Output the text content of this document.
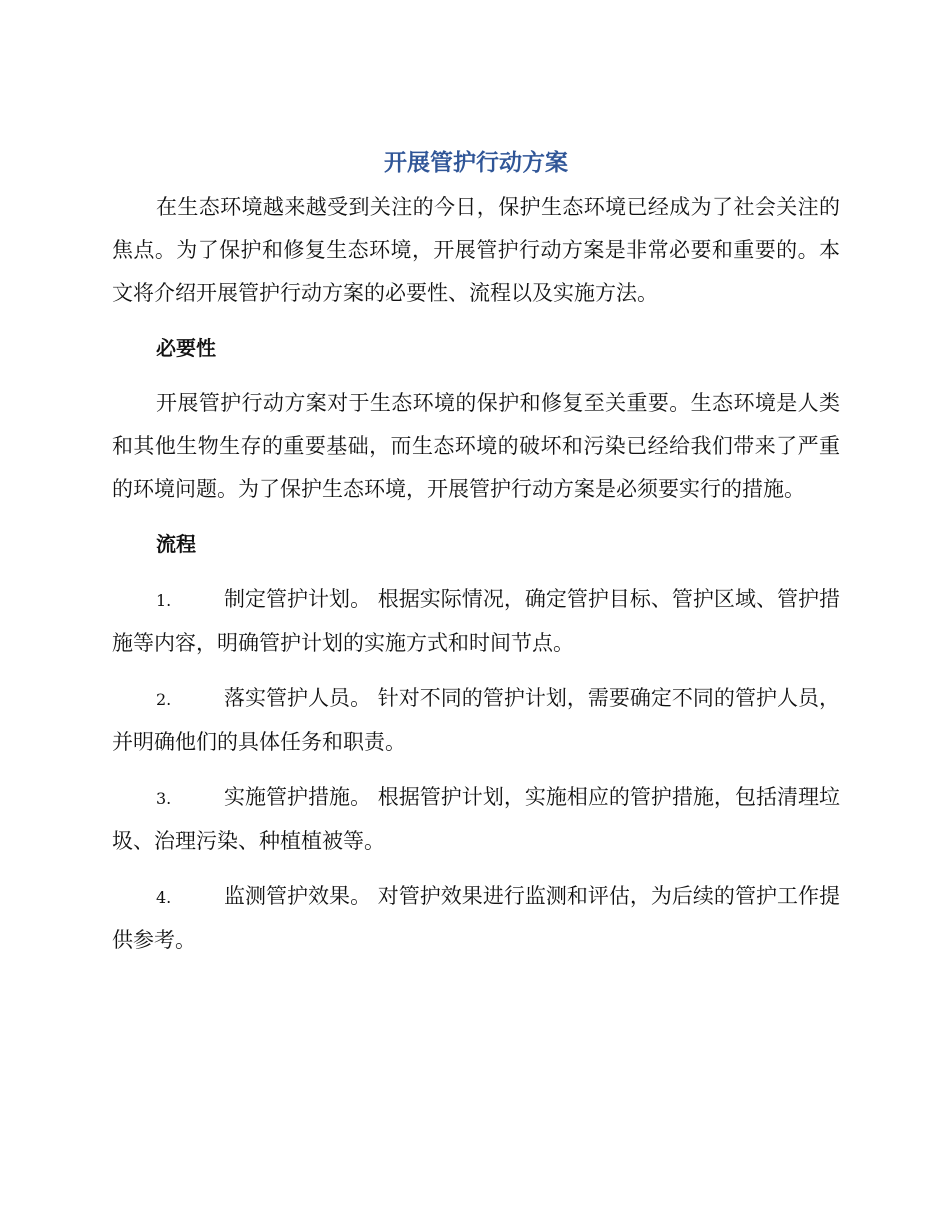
开展管护行动方案

在生态环境越来越受到关注的今日，保护生态环境已经成为了社会关注的焦点。为了保护和修复生态环境，开展管护行动方案是非常必要和重要的。本文将介绍开展管护行动方案的必要性、流程以及实施方法。

必要性

开展管护行动方案对于生态环境的保护和修复至关重要。生态环境是人类和其他生物生存的重要基础，而生态环境的破坏和污染已经给我们带来了严重的环境问题。为了保护生态环境，开展管护行动方案是必须要实行的措施。

流程

1.	制定管护计划。 根据实际情况，确定管护目标、管护区域、管护措施等内容，明确管护计划的实施方式和时间节点。

2.	落实管护人员。 针对不同的管护计划，需要确定不同的管护人员，并明确他们的具体任务和职责。

3.	实施管护措施。 根据管护计划，实施相应的管护措施，包括清理垃圾、治理污染、种植植被等。

4.	监测管护效果。 对管护效果进行监测和评估，为后续的管护工作提供参考。
